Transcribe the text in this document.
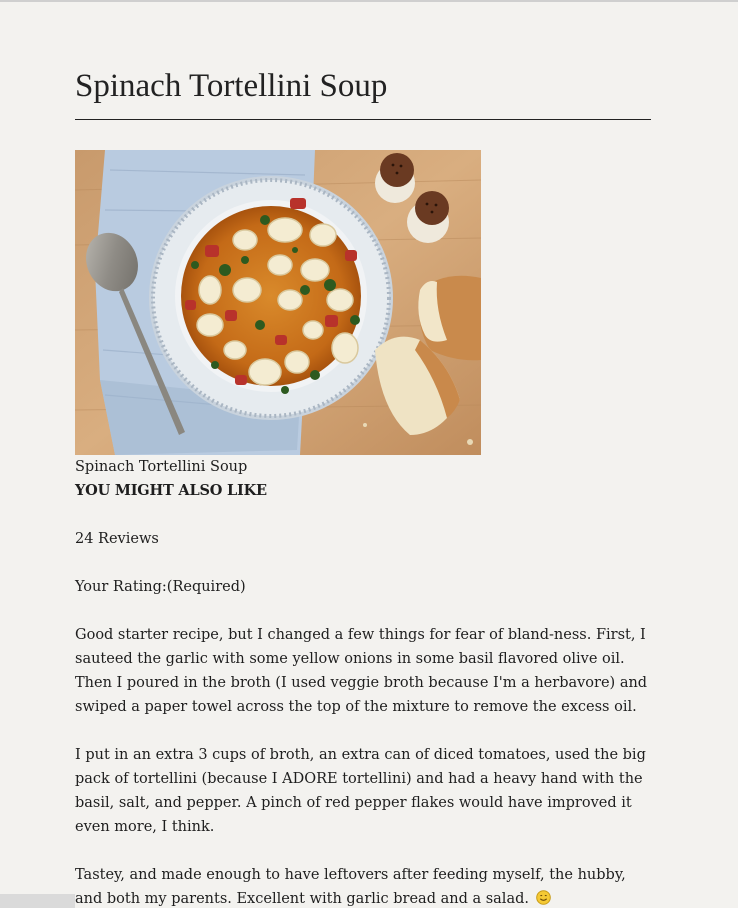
Spinach Tortellini Soup

Spinach Tortellini Soup

YOU MIGHT ALSO LIKE

24 Reviews

Your Rating:(Required)

Good starter recipe, but I changed a few things for fear of bland-ness. First, I sauteed the garlic with some yellow onions in some basil flavored olive oil. Then I poured in the broth (I used veggie broth because I'm a herbavore) and swiped a paper towel across the top of the mixture to remove the excess oil.

I put in an extra 3 cups of broth, an extra can of diced tomatoes, used the big pack of tortellini (because I ADORE tortellini) and had a heavy hand with the basil, salt, and pepper. A pinch of red pepper flakes would have improved it even more, I think.

Tastey, and made enough to have leftovers after feeding myself, the hubby, and both my parents. Excellent with garlic bread and a salad.
